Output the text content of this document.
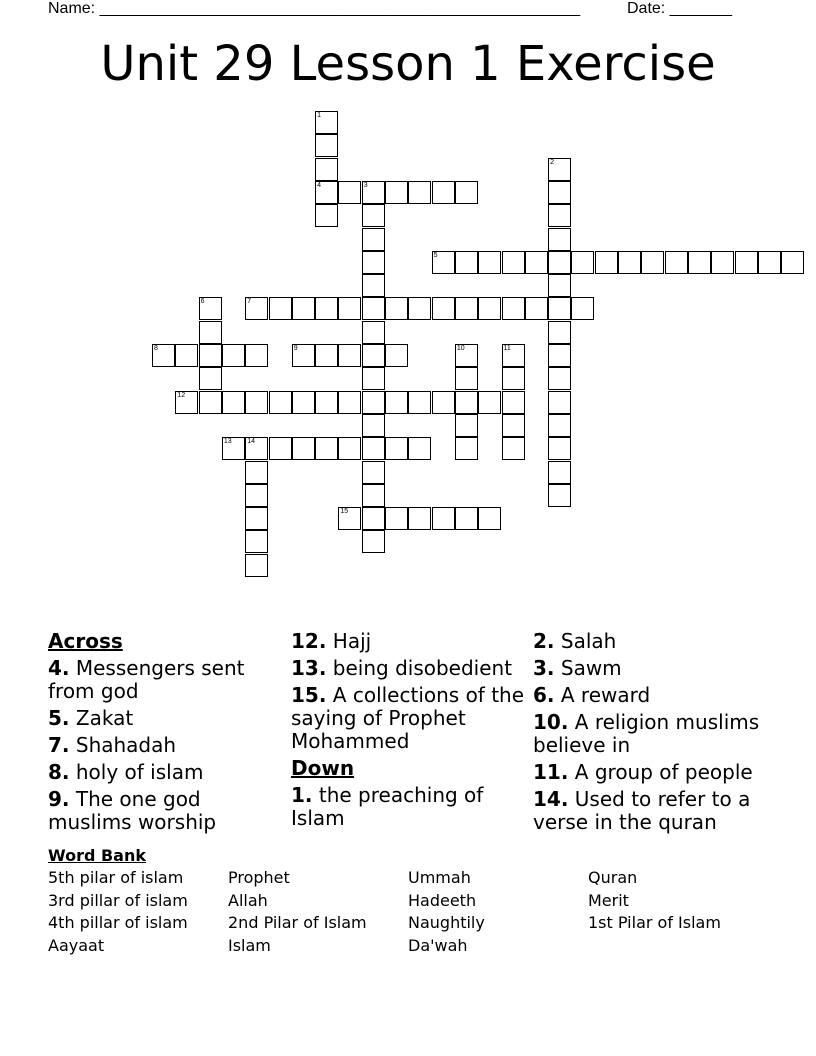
Name: ______________________________________________________	Date: _______
Unit 29 Lesson 1 Exercise
4	3
5
7
8	9
12
13 14
15
1
2
6
10	11
Across
4. Messengers sent from god
5. Zakat
7. Shahadah
8. holy of islam
9. The one god muslims worship
12. Hajj
13. being disobedient
15. A collections of the saying of Prophet Mohammed
Down
1. the preaching of Islam
2. Salah
3. Sawm
6. A reward
10. A religion muslims believe in
11. A group of people
14. Used to refer to a verse in the quran
Word Bank
5th pilar of islam	Prophet	Ummah	Quran
3rd pillar of islam	Allah	Hadeeth	Merit
4th pillar of islam	2nd Pilar of Islam	Naughtily	1st Pilar of Islam
Aayaat	Islam	Da'wah
